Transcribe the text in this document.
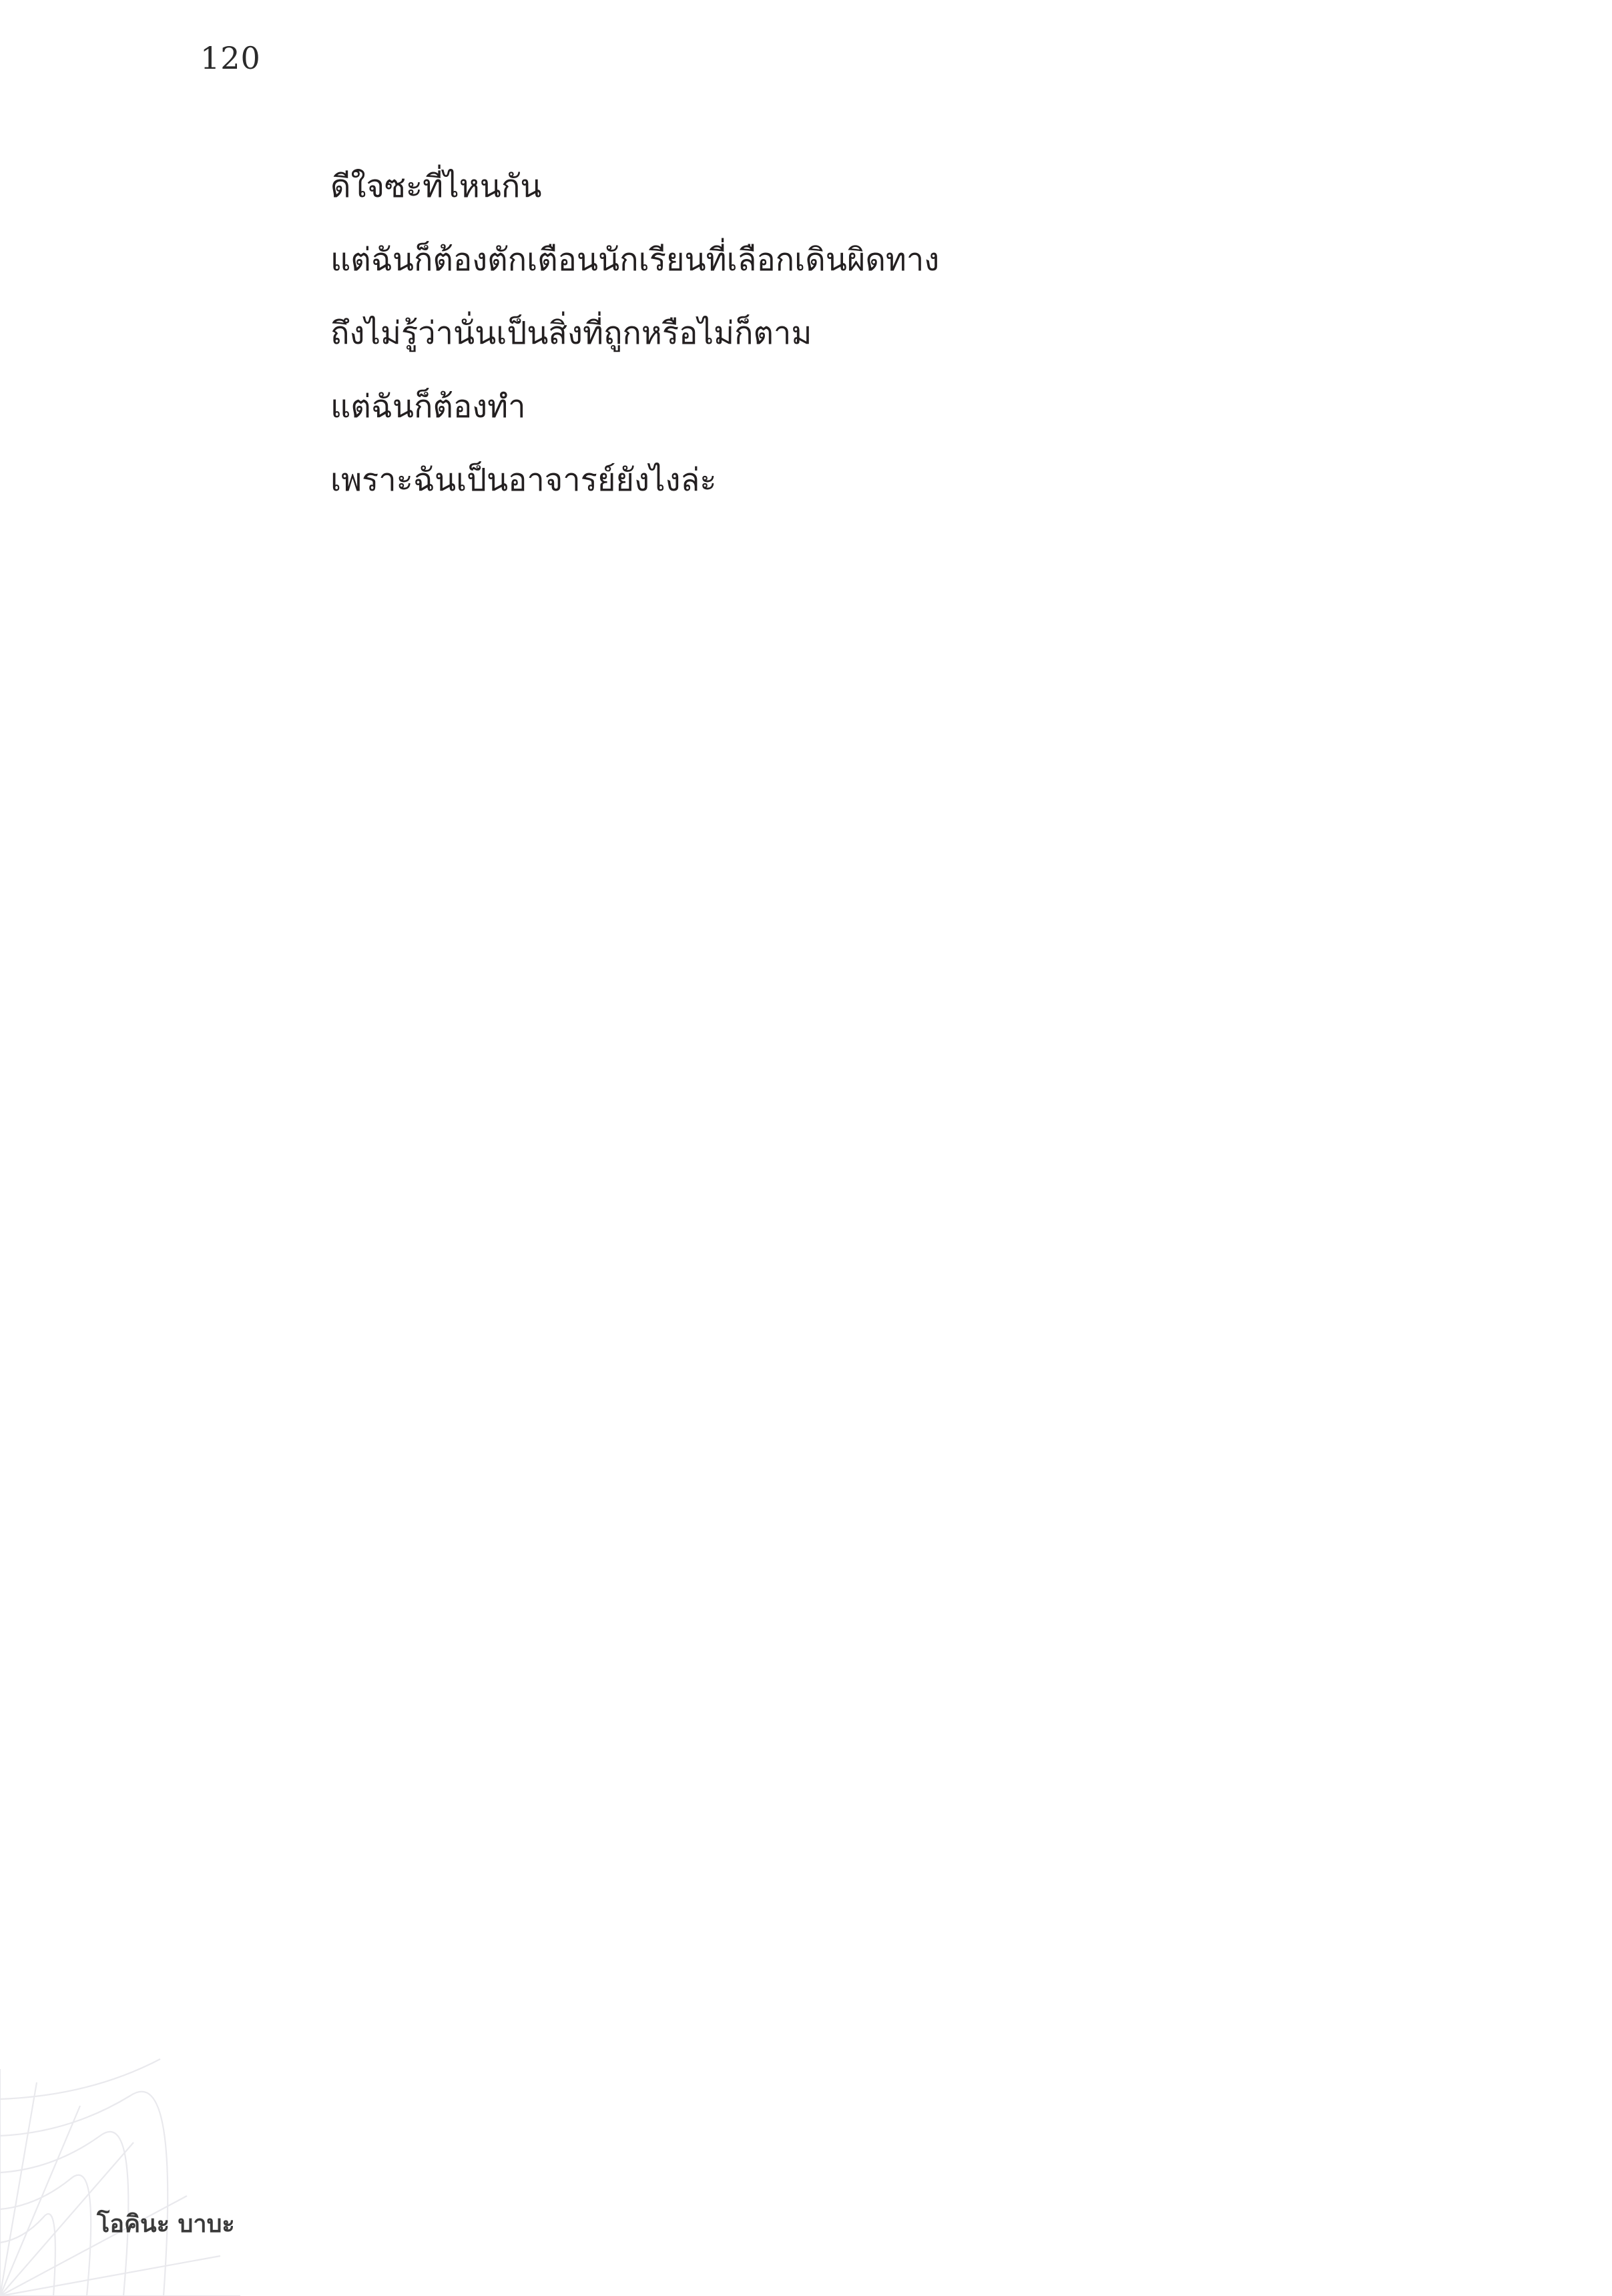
120

ดีใจซะที่ไหนกัน

แต่ฉันก็ต้องตักเตือนนักเรียนที่เลือกเดินผิดทาง

ถึงไม่รู้ว่านั่นเป็นสิ่งที่ถูกหรือไม่ก็ตาม

แต่ฉันก็ต้องทำ

เพราะฉันเป็นอาจารย์ยังไงล่ะ

โอคินะ บาบะ
